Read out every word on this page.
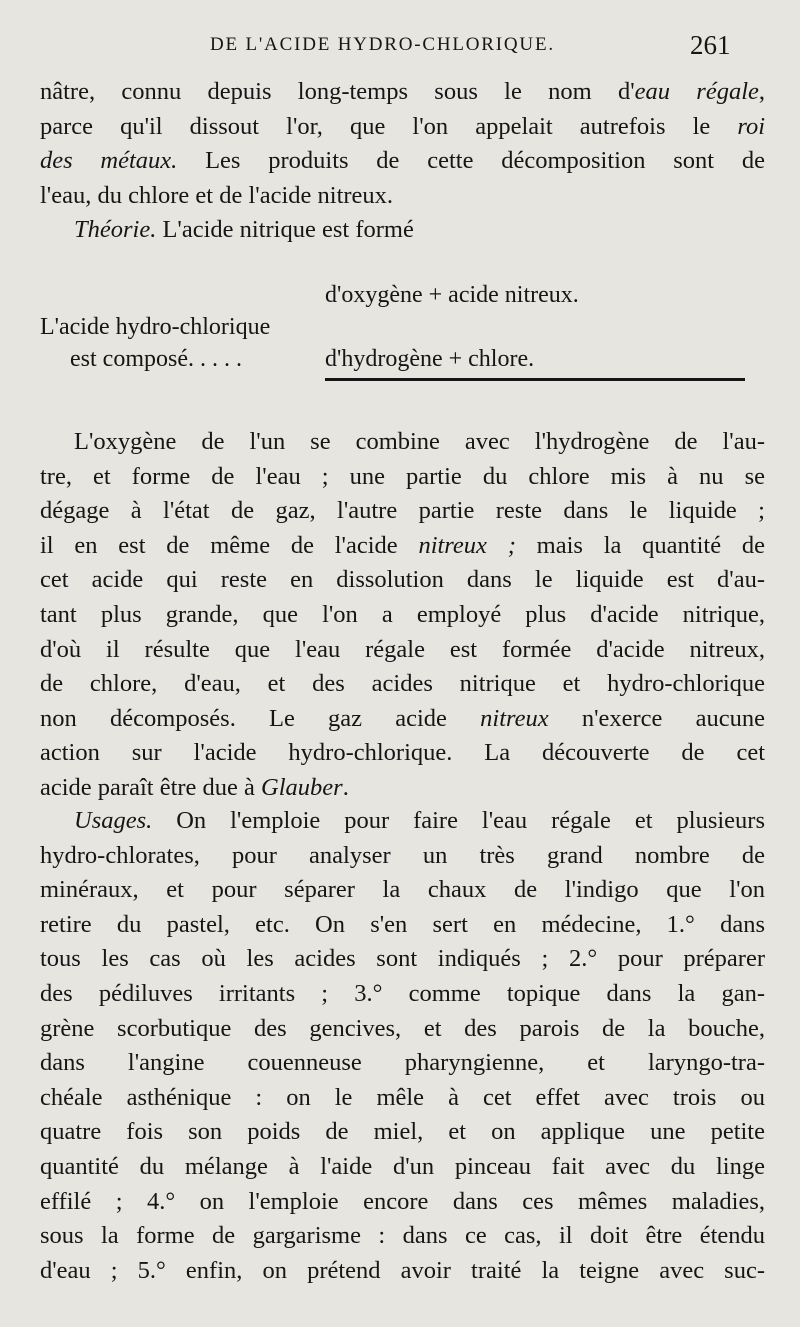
DE L'ACIDE HYDRO-CHLORIQUE.	261
nâtre, connu depuis long-temps sous le nom d'eau régale,
parce qu'il dissout l'or, que l'on appelait autrefois le roi
des métaux. Les produits de cette décomposition sont de
l'eau, du chlore et de l'acide nitreux.
Théorie. L'acide nitrique est formé
d'oxygène + acide nitreux.
L'acide hydro-chlorique
est composé. . . . .	d'hydrogène + chlore.
L'oxygène de l'un se combine avec l'hydrogène de l'au-
tre, et forme de l'eau ; une partie du chlore mis à nu se
dégage à l'état de gaz, l'autre partie reste dans le liquide ;
il en est de même de l'acide nitreux ; mais la quantité de
cet acide qui reste en dissolution dans le liquide est d'au-
tant plus grande, que l'on a employé plus d'acide nitrique,
d'où il résulte que l'eau régale est formée d'acide nitreux,
de chlore, d'eau, et des acides nitrique et hydro-chlorique
non décomposés. Le gaz acide nitreux n'exerce aucune
action sur l'acide hydro-chlorique. La découverte de cet
acide paraît être due à Glauber.
Usages. On l'emploie pour faire l'eau régale et plusieurs
hydro-chlorates, pour analyser un très grand nombre de
minéraux, et pour séparer la chaux de l'indigo que l'on
retire du pastel, etc. On s'en sert en médecine, 1.° dans
tous les cas où les acides sont indiqués ; 2.° pour préparer
des pédiluves irritants ; 3.° comme topique dans la gan-
grène scorbutique des gencives, et des parois de la bouche,
dans l'angine couenneuse pharyngienne, et laryngo-tra-
chéale asthénique : on le mêle à cet effet avec trois ou
quatre fois son poids de miel, et on applique une petite
quantité du mélange à l'aide d'un pinceau fait avec du linge
effilé ; 4.° on l'emploie encore dans ces mêmes maladies,
sous la forme de gargarisme : dans ce cas, il doit être étendu
d'eau ; 5.° enfin, on prétend avoir traité la teigne avec suc-
